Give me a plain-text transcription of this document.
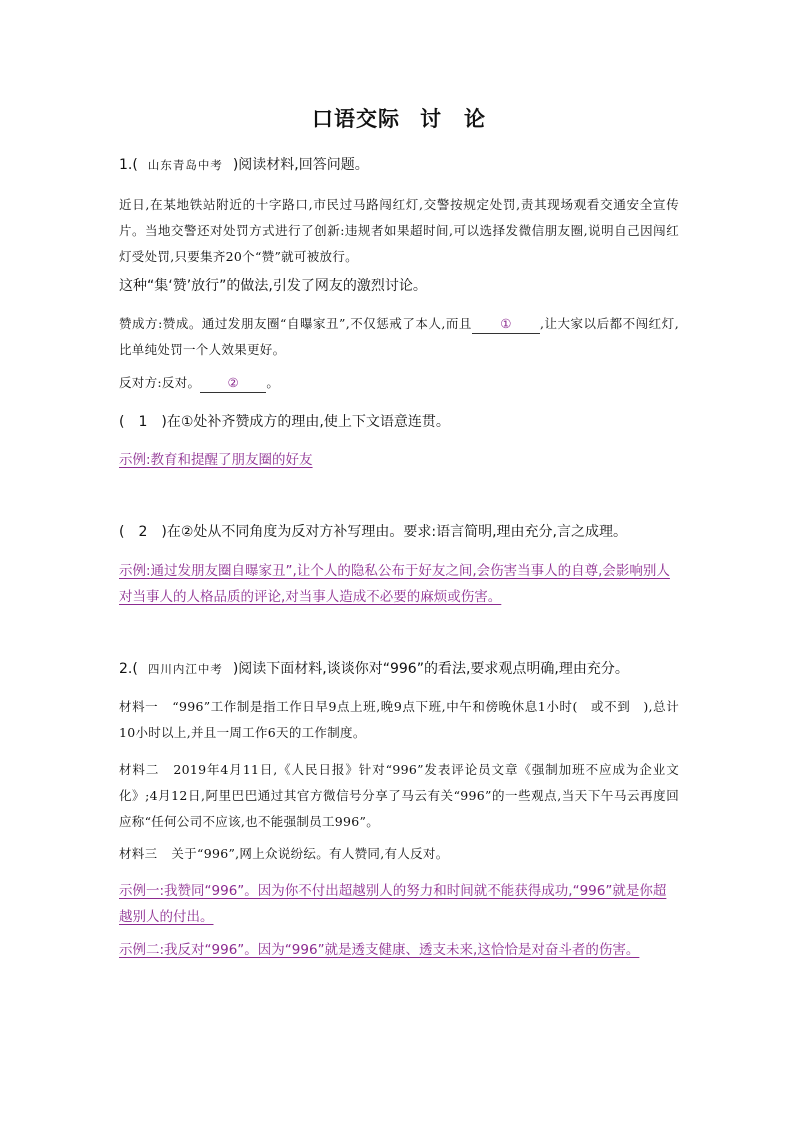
口语交际 讨　论
1.( 山东青岛中考 )阅读材料,回答问题。
近日,在某地铁站附近的十字路口,市民过马路闯红灯,交警按规定处罚,责其现场观看交通安全宣传片。当地交警还对处罚方式进行了创新:违规者如果超时间,可以选择发微信朋友圈,说明自己因闯红灯受处罚,只要集齐20个“赞”就可被放行。
这种“集‘赞’放行”的做法,引发了网友的激烈讨论。
赞成方:赞成。通过发朋友圈“自曝家丑”,不仅惩戒了本人,而且 ① ,让大家以后都不闯红灯,比单纯处罚一个人效果更好。
反对方:反对。 ② 。
(　1　)在①处补齐赞成方的理由,使上下文语意连贯。
示例:教育和提醒了朋友圈的好友
(　2　)在②处从不同角度为反对方补写理由。要求:语言简明,理由充分,言之成理。
示例:通过发朋友圈自曝家丑”,让个人的隐私公布于好友之间,会伤害当事人的自尊,会影响别人对当事人的人格品质的评论,对当事人造成不必要的麻烦或伤害。
2.( 四川内江中考 )阅读下面材料,谈谈你对“996”的看法,要求观点明确,理由充分。
材料一 “996”工作制是指工作日早9点上班,晚9点下班,中午和傍晚休息1小时(　或不到　),总计10小时以上,并且一周工作6天的工作制度。
材料二 2019年4月11日,《人民日报》针对“996”发表评论员文章《强制加班不应成为企业文化》;4月12日,阿里巴巴通过其官方微信号分享了马云有关“996”的一些观点,当天下午马云再度回应称“任何公司不应该,也不能强制员工996”。
材料三 关于“996”,网上众说纷纭。有人赞同,有人反对。
示例一:我赞同“996”。因为你不付出超越别人的努力和时间就不能获得成功,“996”就是你超越别人的付出。
示例二:我反对“996”。因为“996”就是透支健康、透支未来,这恰恰是对奋斗者的伤害。
